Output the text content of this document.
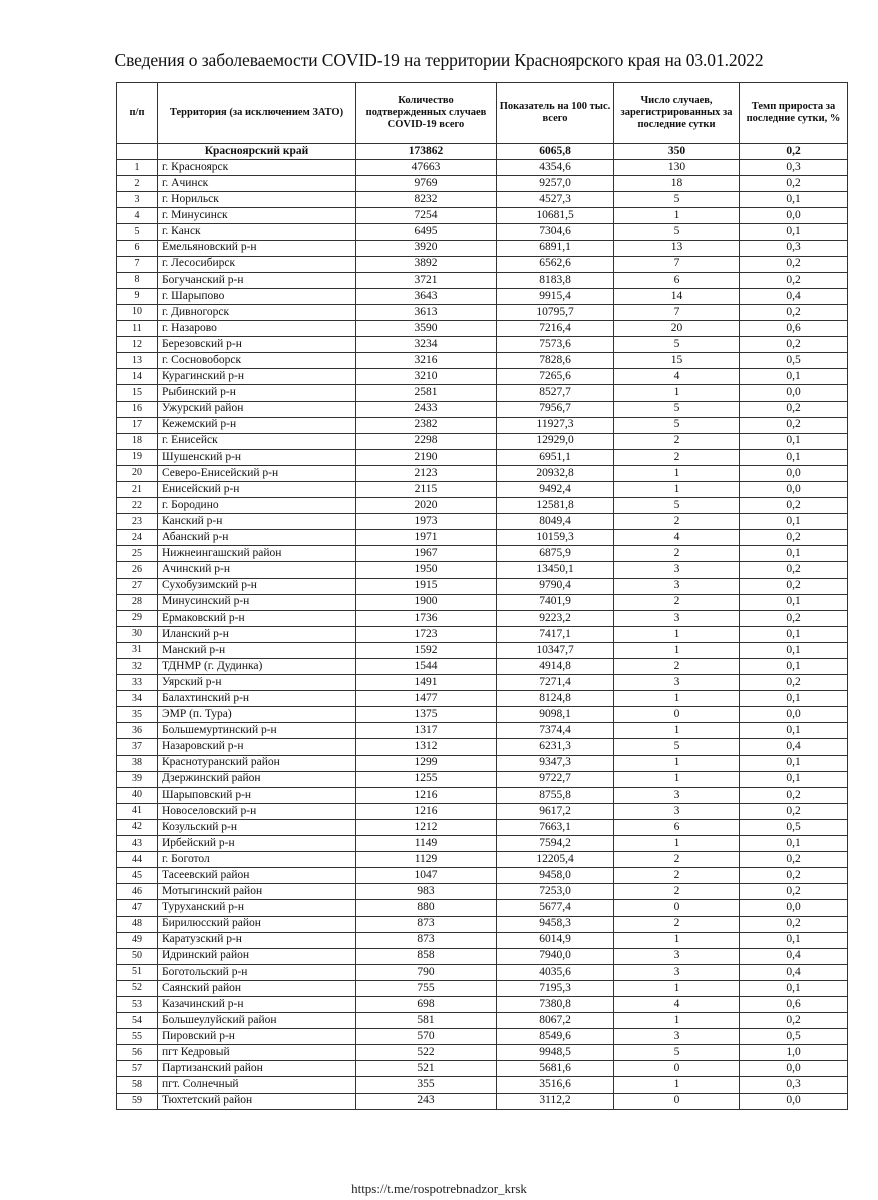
Сведения о заболеваемости COVID-19 на территории Красноярского края на 03.01.2022
п/п	Территория (за исключением ЗАТО)	Количество подтвержденных случаев COVID-19 всего	Показатель на 100 тыс. всего	Число случаев, зарегистрированных за последние сутки	Темп прироста за последние сутки, %
	Красноярский край	173862	6065,8	350	0,2
1	г. Красноярск	47663	4354,6	130	0,3
2	г. Ачинск	9769	9257,0	18	0,2
3	г. Норильск	8232	4527,3	5	0,1
4	г. Минусинск	7254	10681,5	1	0,0
5	г. Канск	6495	7304,6	5	0,1
6	Емельяновский р-н	3920	6891,1	13	0,3
7	г. Лесосибирск	3892	6562,6	7	0,2
8	Богучанский р-н	3721	8183,8	6	0,2
9	г. Шарыпово	3643	9915,4	14	0,4
10	г. Дивногорск	3613	10795,7	7	0,2
11	г. Назарово	3590	7216,4	20	0,6
12	Березовский р-н	3234	7573,6	5	0,2
13	г. Сосновоборск	3216	7828,6	15	0,5
14	Курагинский р-н	3210	7265,6	4	0,1
15	Рыбинский р-н	2581	8527,7	1	0,0
16	Ужурский район	2433	7956,7	5	0,2
17	Кежемский р-н	2382	11927,3	5	0,2
18	г. Енисейск	2298	12929,0	2	0,1
19	Шушенский р-н	2190	6951,1	2	0,1
20	Северо-Енисейский р-н	2123	20932,8	1	0,0
21	Енисейский р-н	2115	9492,4	1	0,0
22	г. Бородино	2020	12581,8	5	0,2
23	Канский р-н	1973	8049,4	2	0,1
24	Абанский р-н	1971	10159,3	4	0,2
25	Нижнеингашский район	1967	6875,9	2	0,1
26	Ачинский р-н	1950	13450,1	3	0,2
27	Сухобузимский р-н	1915	9790,4	3	0,2
28	Минусинский р-н	1900	7401,9	2	0,1
29	Ермаковский р-н	1736	9223,2	3	0,2
30	Иланский р-н	1723	7417,1	1	0,1
31	Манский р-н	1592	10347,7	1	0,1
32	ТДНМР (г. Дудинка)	1544	4914,8	2	0,1
33	Уярский р-н	1491	7271,4	3	0,2
34	Балахтинский р-н	1477	8124,8	1	0,1
35	ЭМР (п. Тура)	1375	9098,1	0	0,0
36	Большемуртинский р-н	1317	7374,4	1	0,1
37	Назаровский р-н	1312	6231,3	5	0,4
38	Краснотуранский район	1299	9347,3	1	0,1
39	Дзержинский район	1255	9722,7	1	0,1
40	Шарыповский р-н	1216	8755,8	3	0,2
41	Новоселовский р-н	1216	9617,2	3	0,2
42	Козульский р-н	1212	7663,1	6	0,5
43	Ирбейский р-н	1149	7594,2	1	0,1
44	г. Боготол	1129	12205,4	2	0,2
45	Тасеевский район	1047	9458,0	2	0,2
46	Мотыгинский район	983	7253,0	2	0,2
47	Туруханский р-н	880	5677,4	0	0,0
48	Бирилюсский район	873	9458,3	2	0,2
49	Каратузский р-н	873	6014,9	1	0,1
50	Идринский район	858	7940,0	3	0,4
51	Боготольский р-н	790	4035,6	3	0,4
52	Саянский район	755	7195,3	1	0,1
53	Казачинский р-н	698	7380,8	4	0,6
54	Большеулуйский район	581	8067,2	1	0,2
55	Пировский р-н	570	8549,6	3	0,5
56	пгт Кедровый	522	9948,5	5	1,0
57	Партизанский район	521	5681,6	0	0,0
58	пгт. Солнечный	355	3516,6	1	0,3
59	Тюхтетский район	243	3112,2	0	0,0
https://t.me/rospotrebnadzor_krsk
